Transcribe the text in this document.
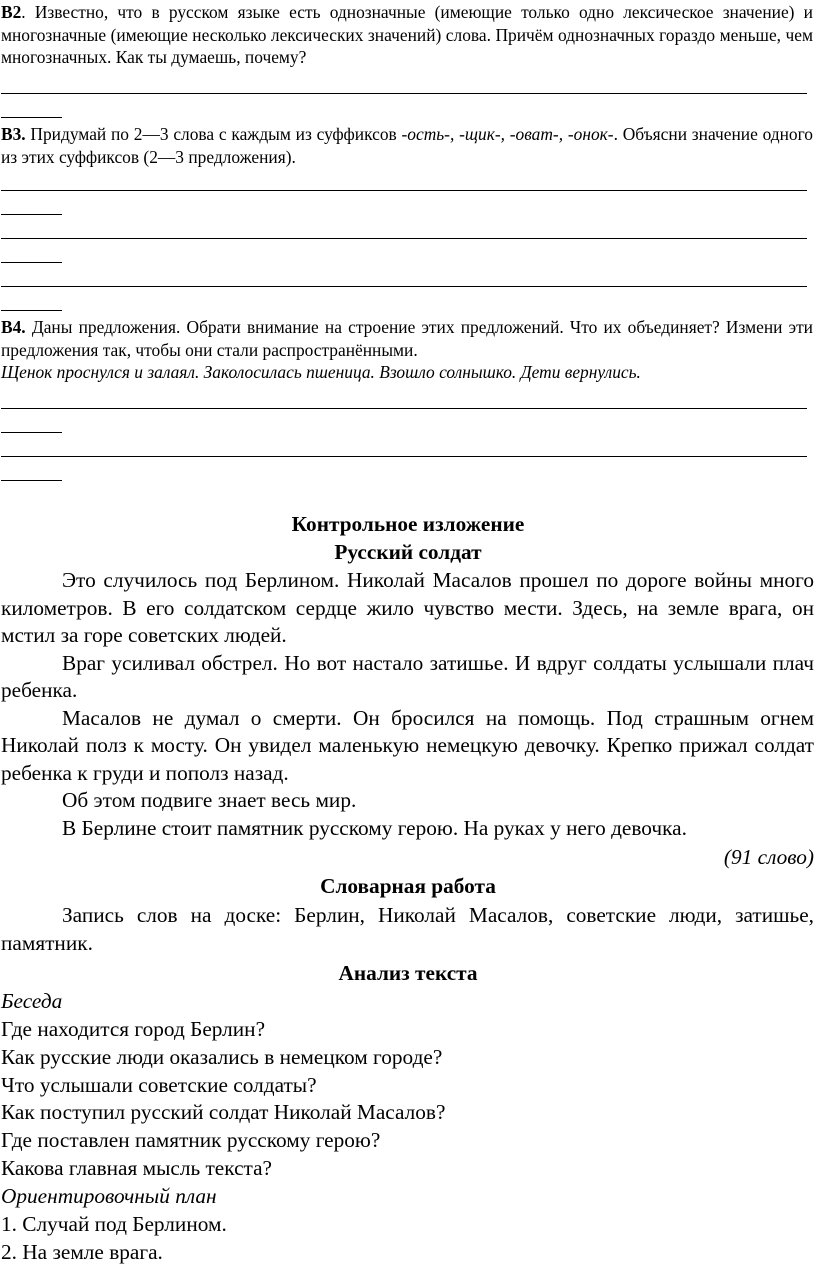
В2. Известно, что в русском языке есть однозначные (имеющие только одно лексическое значение) и многозначные (имеющие несколько лексических значений) слова. Причём однозначных гораздо меньше, чем многозначных. Как ты думаешь, почему?
В3. Придумай по 2—3 слова с каждым из суффиксов -ость-, -щик-, -оват-, -онок-. Объясни значение одного из этих суффиксов (2—3 предложения).
В4. Даны предложения. Обрати внимание на строение этих предложений. Что их объединяет? Измени эти предложения так, чтобы они стали распространёнными.
Щенок проснулся и залаял. Заколосилась пшеница. Взошло солнышко. Дети вернулись.
Контрольное изложение
Русский солдат

Это случилось под Берлином. Николай Масалов прошел по дороге войны много километров. В его солдатском сердце жило чувство мести. Здесь, на земле врага, он мстил за горе советских людей.

Враг усиливал обстрел. Но вот настало затишье. И вдруг солдаты услышали плач ребенка.

Масалов не думал о смерти. Он бросился на помощь. Под страшным огнем Николай полз к мосту. Он увидел маленькую немецкую девочку. Крепко прижал солдат ребенка к груди и пополз назад.

Об этом подвиге знает весь мир.

В Берлине стоит памятник русскому герою. На руках у него девочка.

(91 слово)
Словарная работа

Запись слов на доске: Берлин, Николай Масалов, советские люди, затишье, памятник.

Анализ текста
Беседа
Где находится город Берлин?
Как русские люди оказались в немецком городе?
Что услышали советские солдаты?
Как поступил русский солдат Николай Масалов?
Где поставлен памятник русскому герою?
Какова главная мысль текста?
Ориентировочный план
1. Случай под Берлином.
2. На земле врага.
